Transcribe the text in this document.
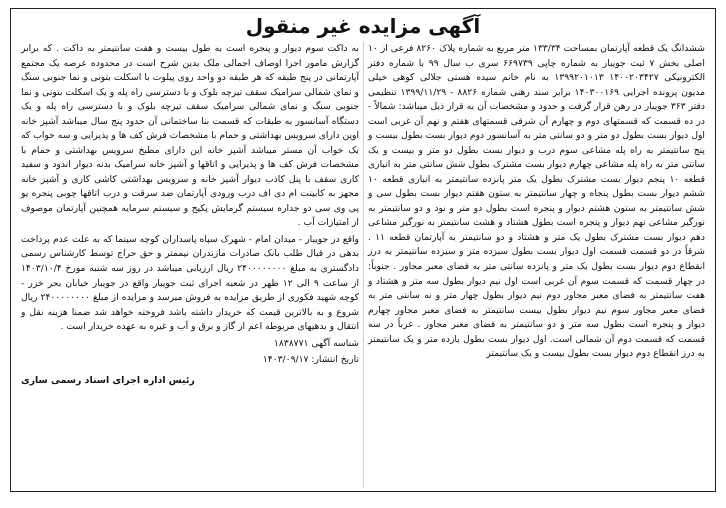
آگهی مزایده غیر منقول

ششدانگ یک قطعه آپارتمان بمساحت ۱۳۳/۳۴ متر مربع به شماره پلاک ۸۲۶۰ فرعی از ۱۰ اصلی بخش ۷ ثبت جویبار به شماره چاپی ۶۶۹۷۳۹ سری ب سال ۹۹ با شماره دفتر الکترونیکی ۱۴۰۰۲۰۳۴۲۷ ۱۳۹۹۲۰۱۰۱۳ به نام خانم سیده هستی جلالی کوهی خیلی مدیون پرونده اجرایی ۱۴۰۳۰۰۱۶۹ برابر سند رهنی شماره ۸۸۲۶ - ۱۳۹۹/۱۱/۲۹ تنظیمی دفتر ۳۶۳ جویبار در رهن قرار گرفت و حدود و مشخصات آن به قرار ذیل میباشد: شمالاً - در ده قسمت که قسمتهای دوم و چهارم آن شرقی قسمتهای هفتم و نهم آن غربی است اول دیوار بست بطول دو متر و دو سانتی متر به آسانسور دوم دیوار بست بطول بیست و پنج سانتیمتر به راه پله مشاعی سوم درب و دیوار بست بطول دو متر و بیست و یک سانتی متر به راه پله مشاعی چهارم دیوار بست مشترک بطول شش سانتی متر به انباری قطعه ۱۰ پنجم دیوار بست مشترک بطول یک متر پانزده سانتیمتر به انباری قطعه ۱۰ ششم دیوار بست بطول پنجاه و چهار سانتیمتر به ستون هفتم دیوار بست بطول سی و شش سانتیمتر به ستون هشتم دیوار و پنجره است بطول دو متر و نود و دو سانتیمتر به نورگیر مشاعی نهم دیوار و پنجره است بطول هشتاد و هشت سانتیمتر به نورگیر مشاعی دهم دیوار بست مشترک بطول یک متر و هشتاد و دو سانتیمتر به آپارتمان قطعه ۱۱ . شرقاً در دو قسمت قسمت اول دیوار بست بطول سیزده متر و سیزده سانتیمتر به درز انقطاع دوم دیوار بست بطول یک متر و پانزده سانتی متر به فضای معبر مجاور . جنوباً: در چهار قسمت که قسمت سوم آن غربی است اول نیم دیوار بطول سه متر و هشتاد و هفت سانتیمتر به فضای معبر مجاور دوم نیم دیوار بطول چهار متر و نه سانتی متر به فضای معبر مجاور سوم نیم دیوار بطول بیست سانتیمتر به فضای معبر مجاور چهارم دیوار و پنجره است بطول سه متر و دو سانتیمتر به فضای معبر مجاور . غرباً در سه قسمت که قسمت دوم آن شمالی است. اول دیوار بست بطول یازده متر و یک سانتیمتر به درز انقطاع دوم دیوار بست بطول بیست و یک سانتیمتر

به داکت سوم دیوار و پنجره است به طول بیست و هفت سانتیمتر به داکت . که برابر گزارش مامور اجرا اوصاف اجمالی ملک بدین شرح است در محدوده عرصه یک مجتمع آپارتمانی در پنج طبقه که هر طبقه دو واحد روی پیلوت با اسکلت بتونی و نما جنوبی سنگ و نمای شمالی سرامیک سقف تیرچه بلوک و با دسترسی راه پله و یک اسکلت بتونی و نما جنوبی سنگ و نمای شمالی سرامیک سقف تیرچه بلوک و با دسترسی راه پله و یک دستگاه آسانسور به طبقات که قسمت بنا ساختمانی آن حدود پنج سال میباشد آشپز خانه اوپن دارای سرویس بهداشتی و حمام با مشخصات فرش کف ها و پذیرایی و سه خواب که یک خواب آن مستر میباشد آشپز خانه این دارای مطبخ سرویس بهداشتی و حمام با مشخصات فرش کف ها و پذیرایی و اتاقها و آشپز خانه سرامیک بدنه دیوار اندود و سفید کاری سقف با پنل کاذب دیوار آشپز خانه و سرویس بهداشتی کاشی کاری و آشپز خانه مجهز به کابینت ام دی اف درب ورودی آپارتمان ضد سرقت و درب اتاقها چوبی پنجره یو پی وی سی دو جداره سیستم گرمایش پکیج و سیستم سرمایه همچنین آپارتمان موصوف از امتیازات آب .

واقع در جویبار - میدان امام - شهرک سپاه پاسداران کوچه سینما که به علت عدم پرداخت بدهی در قبال طلب بانک صادرات مازندران نیممتر و حق حراج توسط کارشناس رسمی دادگستری به مبلغ ۲۴۰۰۰۰۰۰۰۰ ریال ارزیابی میباشد در روز سه شنبه مورخ ۱۴۰۳/۱۰/۴ از ساعت ۹ الی ۱۲ ظهر در شعبه اجرای ثبت جویبار واقع در جویبار خیابان بحر خزر - کوچه شهید فکوری از طریق مزایده به فروش میرسد و مزایده از مبلغ ۲۴۰۰۰۰۰۰۰۰ ریال شروع و به بالاترین قیمت که خریدار داشته باشد فروخته خواهد شد ضمنا هزینه نقل و انتقال و بدهیهای مربوطه اعم از گاز و برق و آب و غیره به عهده خریدار است .

شناسه آگهی ۱۸۳۸۷۷۱
تاریخ انتشار: ۱۴۰۳/۰۹/۱۷
رئیس اداره اجرای اسناد رسمی ساری
